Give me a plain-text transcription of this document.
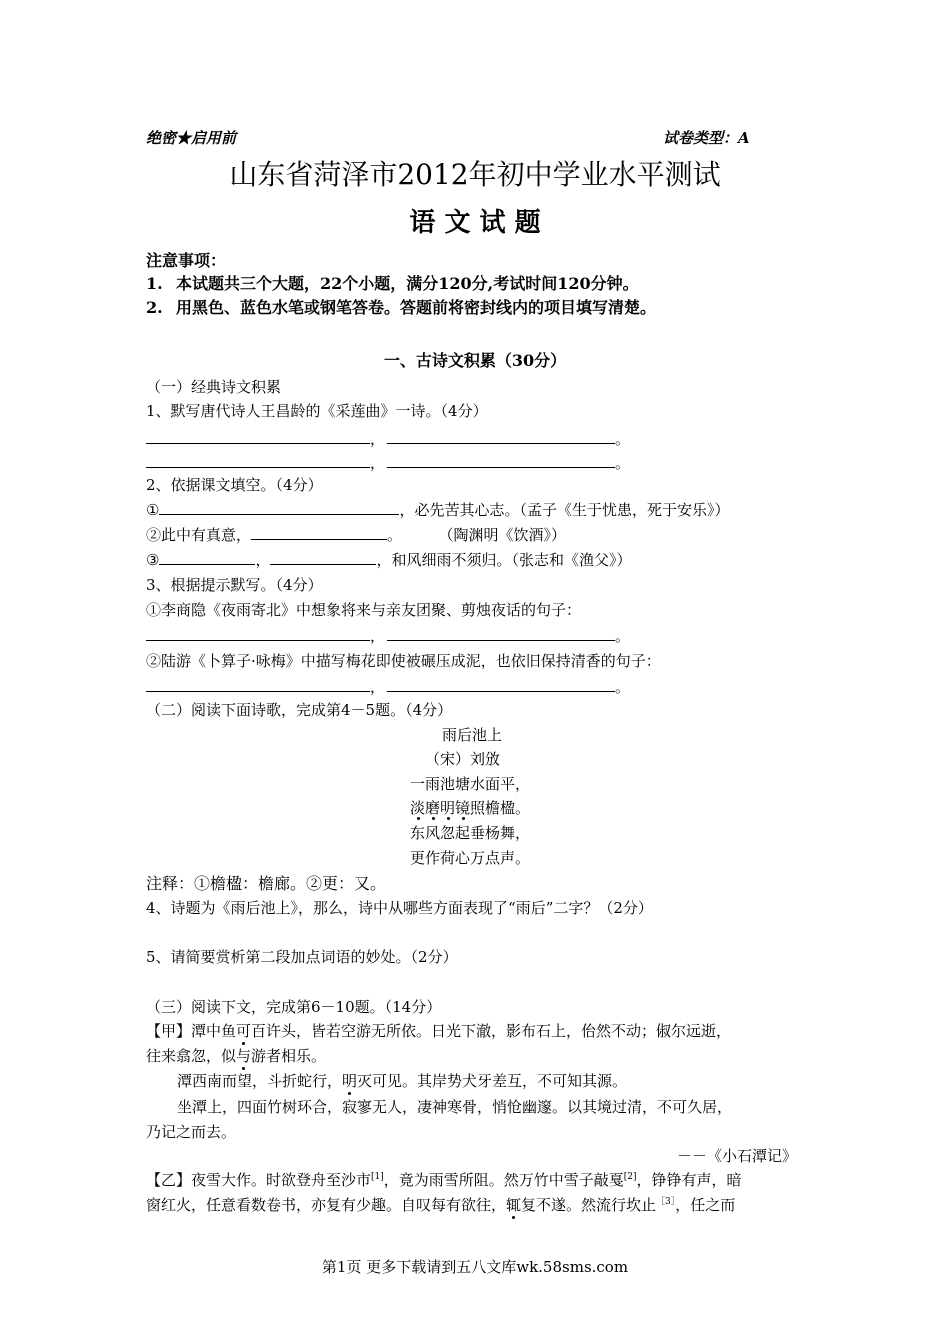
绝密★启用前	试卷类型：A
山东省菏泽市2012年初中学业水平测试
语 文 试 题
注意事项：
1. 本试题共三个大题，22个小题，满分120分,考试时间120分钟。
2. 用黑色、蓝色水笔或钢笔答卷。答题前将密封线内的项目填写清楚。
一、古诗文积累（30分）
（一）经典诗文积累
1、默写唐代诗人王昌龄的《采莲曲》一诗。（4分）
，	。
，	。
2、依据课文填空。（4分）
①	，必先苦其心志。（孟子《生于忧患，死于安乐》）
②此中有真意，	。	（陶渊明《饮酒》）
③	，	，和风细雨不须归。（张志和《渔父》）
3、根据提示默写。（4分）
①李商隐《夜雨寄北》中想象将来与亲友团聚、剪烛夜话的句子：
，	。
②陆游《卜算子·咏梅》中描写梅花即使被碾压成泥，也依旧保持清香的句子：
，	。
（二）阅读下面诗歌，完成第4－5题。（4分）
雨后池上
（宋）刘攽
一雨池塘水面平，
淡磨明镜照檐楹。
东风忽起垂杨舞，
更作荷心万点声。
注释：①檐楹：檐廊。②更：又。
4、诗题为《雨后池上》，那么，诗中从哪些方面表现了“雨后”二字？（2分）
5、请简要赏析第二段加点词语的妙处。（2分）
（三）阅读下文，完成第6－10题。（14分）
【甲】潭中鱼可百许头，皆若空游无所依。日光下澈，影布石上，佁然不动；俶尔远逝，
往来翕忽，似与游者相乐。
潭西南而望，斗折蛇行，明灭可见。其岸势犬牙差互，不可知其源。
坐潭上，四面竹树环合，寂寥无人，凄神寒骨，悄怆幽邃。以其境过清，不可久居，
乃记之而去。
－－《小石潭记》
【乙】夜雪大作。时欲登舟至沙市[1]，竟为雨雪所阻。然万竹中雪子敲戛[2]，铮铮有声，暗
窗红火，任意看数卷书，亦复有少趣。自叹每有欲往，辄复不遂。然流行坎止$^{[3]}$，任之而
第1页 更多下载请到五八文库wk.58sms.com
